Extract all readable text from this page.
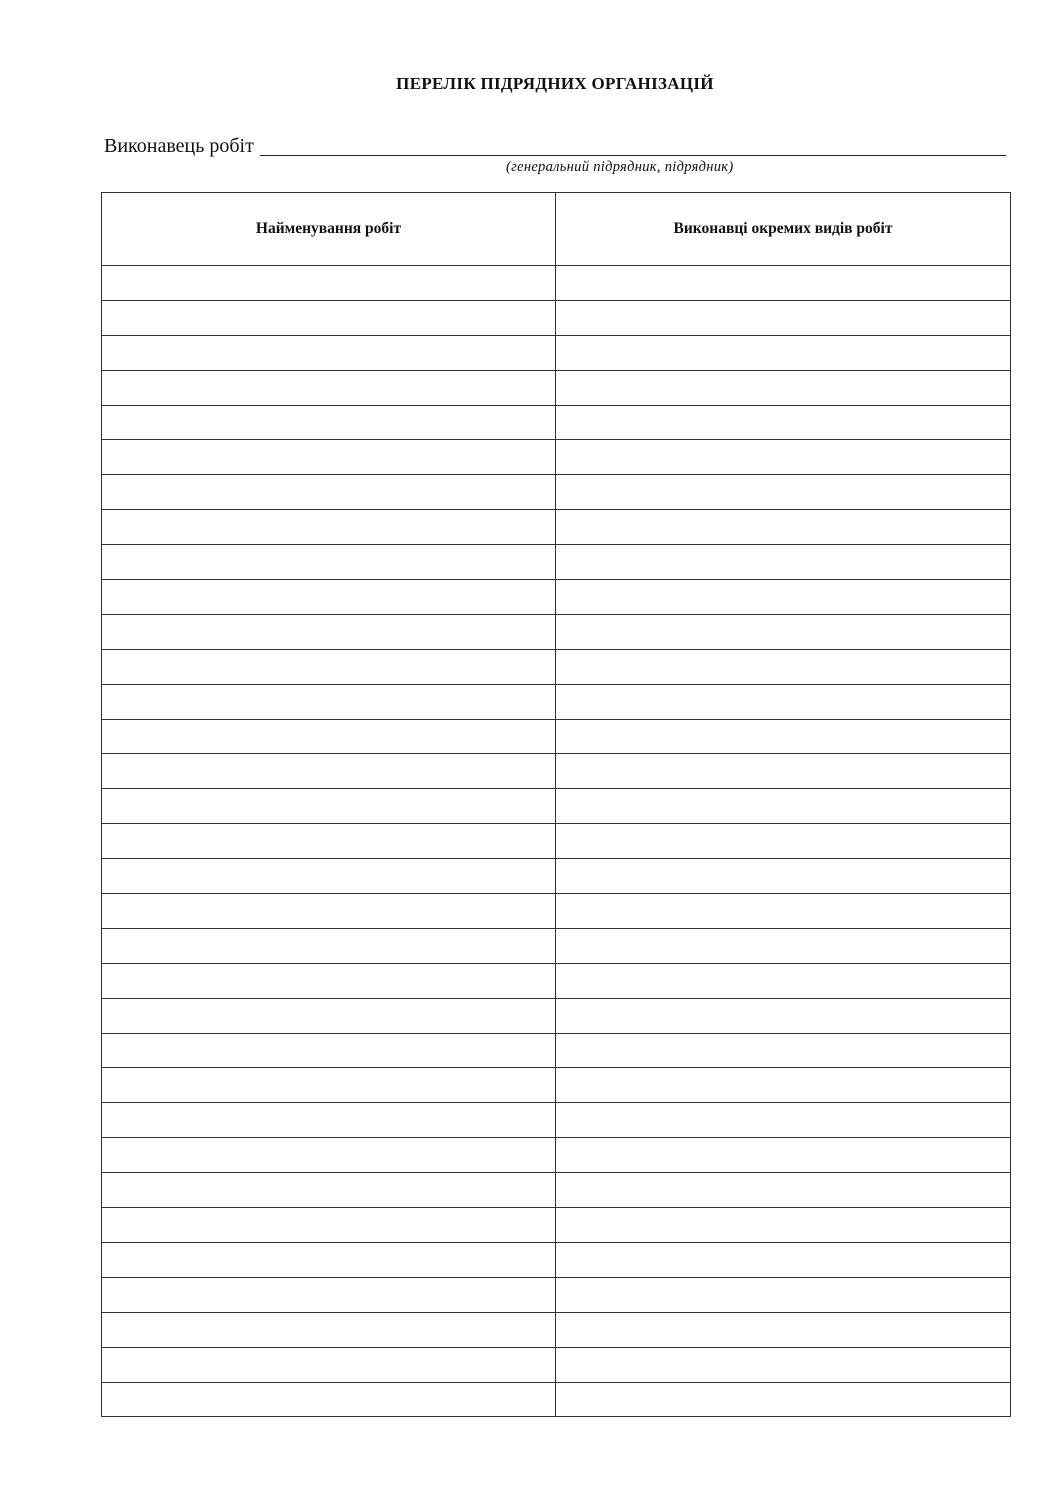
ПЕРЕЛІК ПІДРЯДНИХ ОРГАНІЗАЦІЙ
Виконавець робіт
(генеральний підрядник, підрядник)
Найменування робіт	Виконавці окремих видів робіт
